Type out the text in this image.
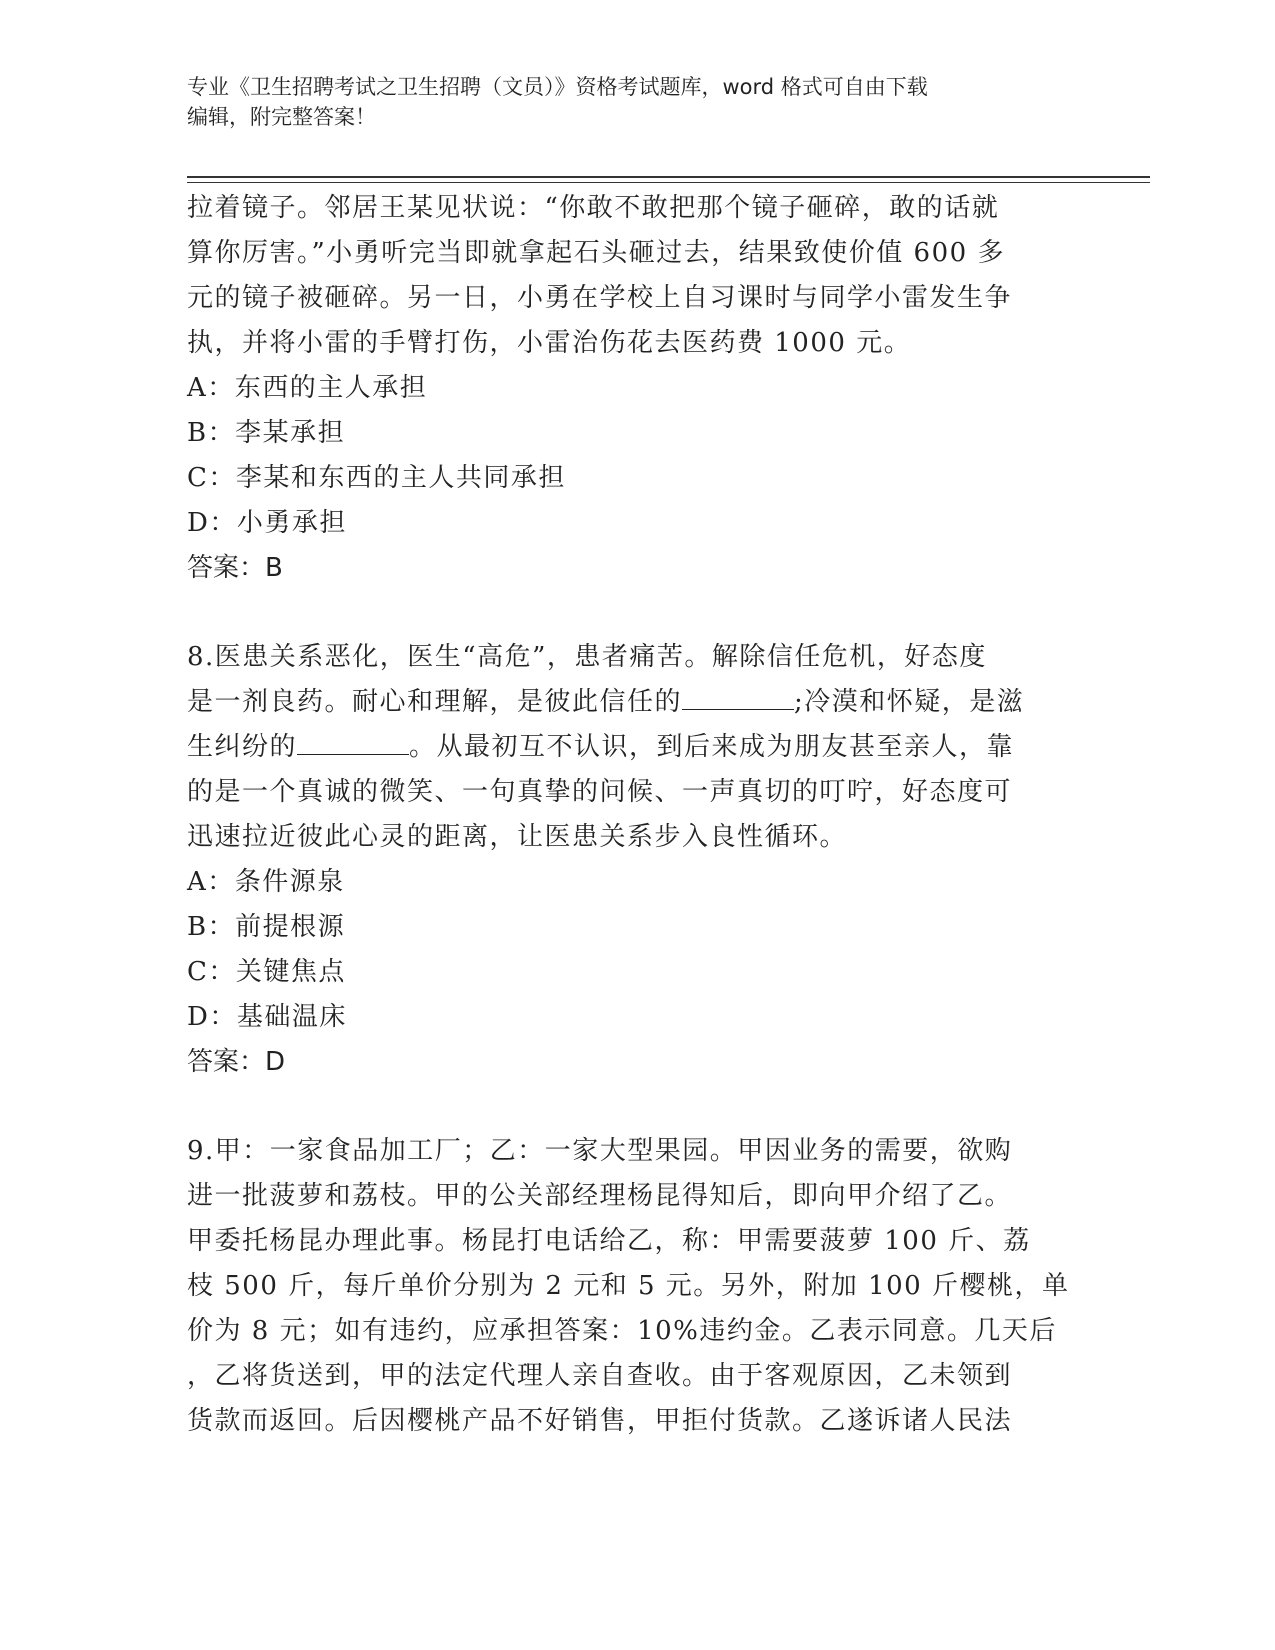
专业《卫生招聘考试之卫生招聘（文员）》资格考试题库，word 格式可自由下载
编辑，附完整答案！

拉着镜子。邻居王某见状说：“你敢不敢把那个镜子砸碎，敢的话就

算你厉害。”小勇听完当即就拿起石头砸过去，结果致使价值 600 多

元的镜子被砸碎。另一日，小勇在学校上自习课时与同学小雷发生争

执，并将小雷的手臂打伤，小雷治伤花去医药费 1000 元。

A：东西的主人承担

B：李某承担

C：李某和东西的主人共同承担

D：小勇承担

答案：B

8.医患关系恶化，医生“高危”，患者痛苦。解除信任危机，好态度

是一剂良药。耐心和理解，是彼此信任的	;冷漠和怀疑，是滋

生纠纷的	。从最初互不认识，到后来成为朋友甚至亲人，靠

的是一个真诚的微笑、一句真挚的问候、一声真切的叮咛，好态度可

迅速拉近彼此心灵的距离，让医患关系步入良性循环。

A：条件源泉

B：前提根源

C：关键焦点

D：基础温床

答案：D

9.甲：一家食品加工厂；乙：一家大型果园。甲因业务的需要，欲购

进一批菠萝和荔枝。甲的公关部经理杨昆得知后，即向甲介绍了乙。

甲委托杨昆办理此事。杨昆打电话给乙，称：甲需要菠萝 100 斤、荔

枝 500 斤，每斤单价分别为 2 元和 5 元。另外，附加 100 斤樱桃，单

价为 8 元；如有违约，应承担答案：10%违约金。乙表示同意。几天后

，乙将货送到，甲的法定代理人亲自查收。由于客观原因，乙未领到

货款而返回。后因樱桃产品不好销售，甲拒付货款。乙遂诉诸人民法
